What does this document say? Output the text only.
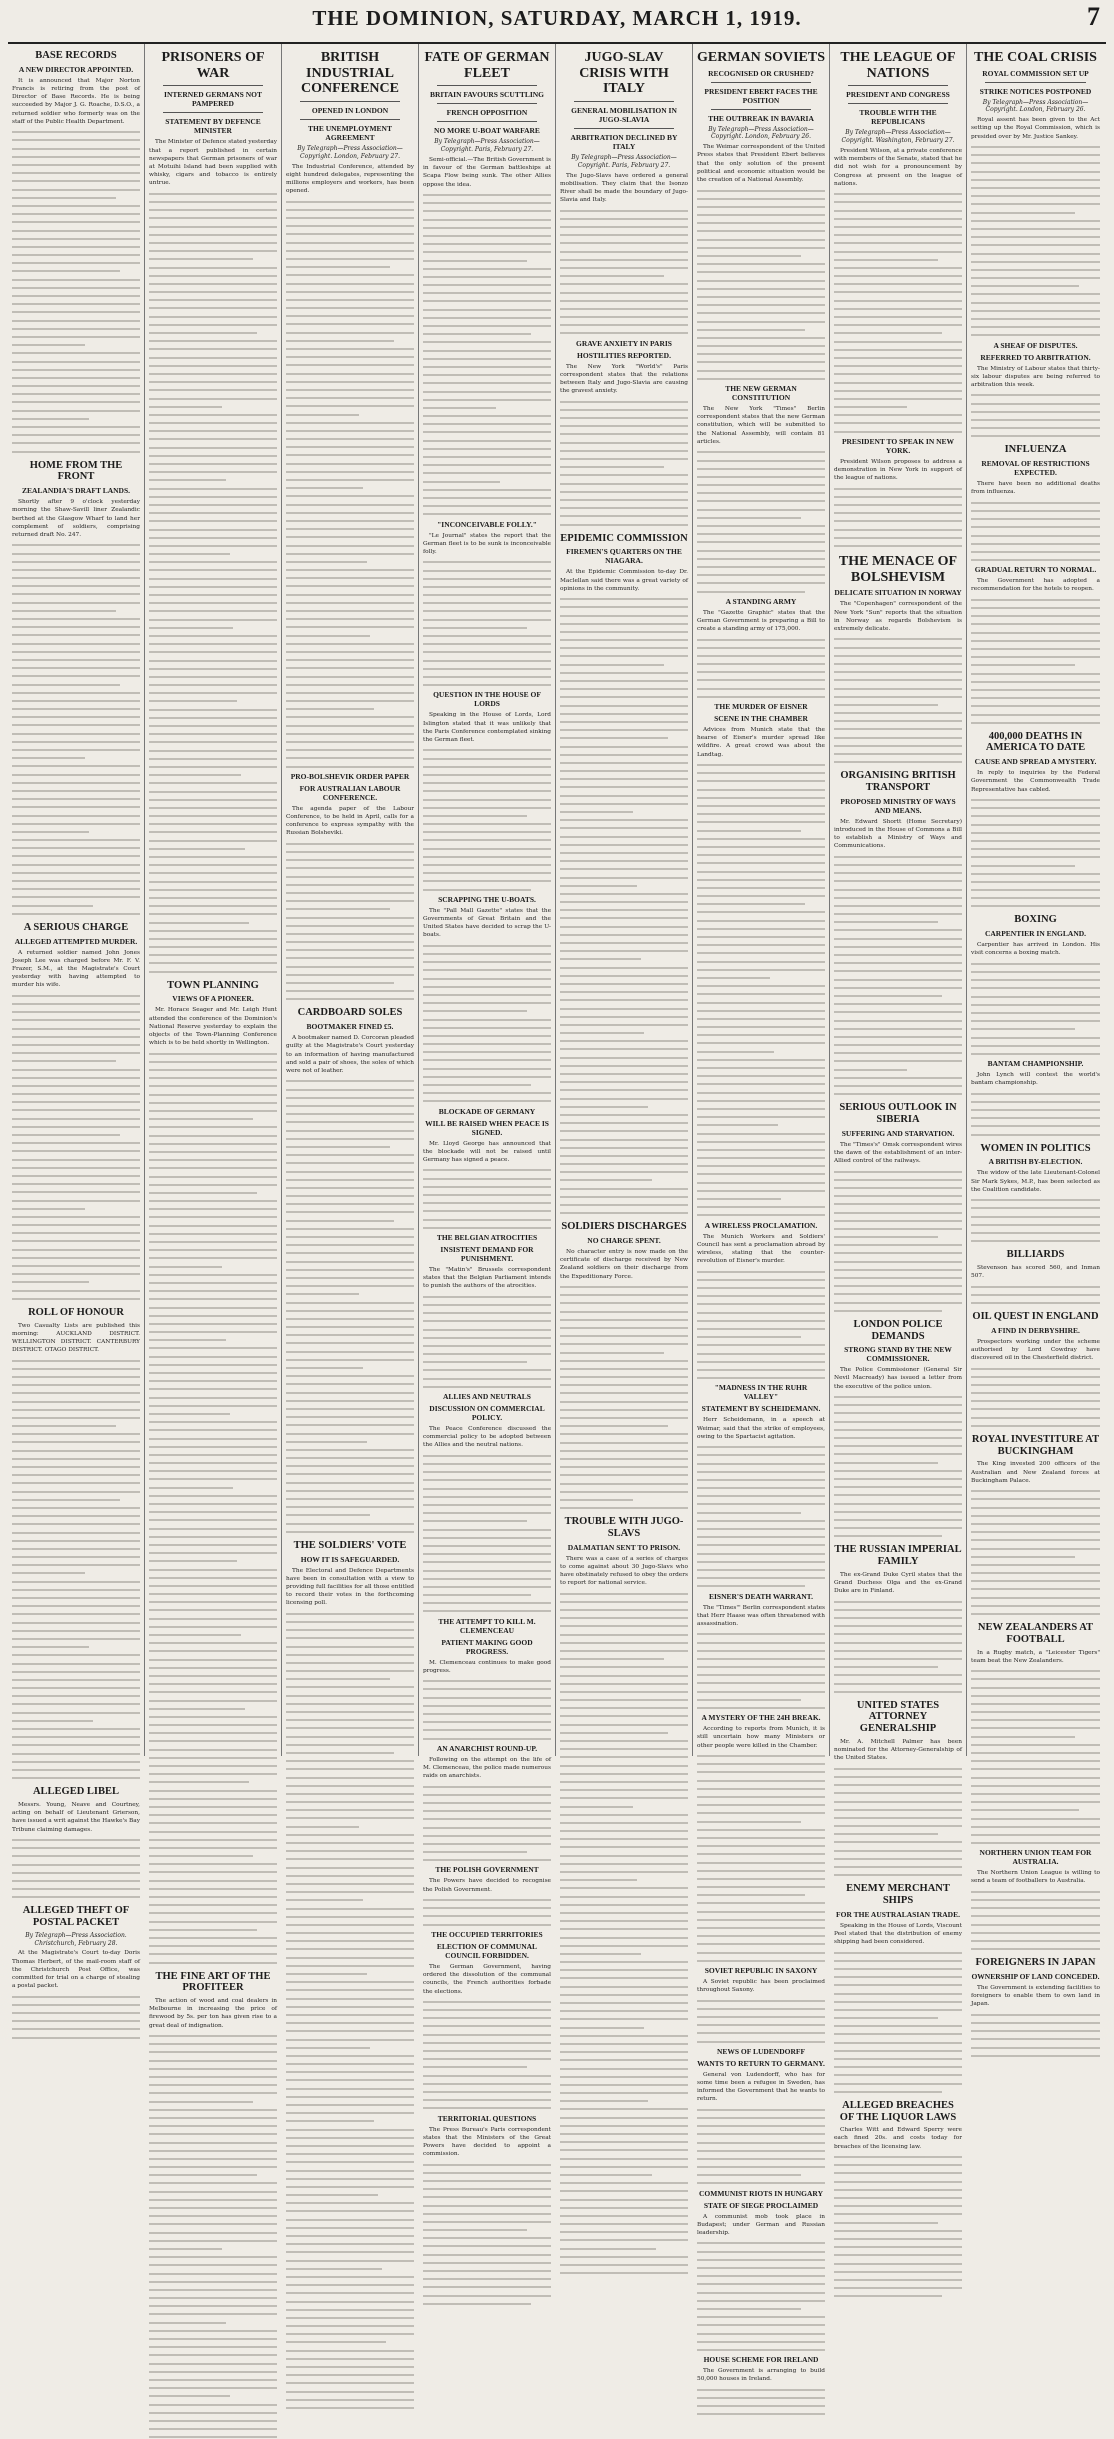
THE DOMINION, SATURDAY, MARCH 1, 1919.	7
BASE RECORDS
A NEW DIRECTOR APPOINTED.

It is announced that Major Norton Francis is retiring from the post of Director of Base Records. He is being succeeded by Major J. G. Roache, D.S.O., a returned soldier who formerly was on the staff of the Public Health Department.

HOME FROM THE FRONT
ZEALANDIA'S DRAFT LANDS.

Shortly after 9 o'clock yesterday morning the Shaw-Savill liner Zealandic berthed at the Glasgow Wharf to land her complement of soldiers, comprising returned draft No. 247.

A SERIOUS CHARGE
ALLEGED ATTEMPTED MURDER.

A returned soldier named John Jones Joseph Lee was charged before Mr. F. V. Frazer, S.M., at the Magistrate's Court yesterday with having attempted to murder his wife.

ROLL OF HONOUR

Two Casualty Lists are published this morning: AUCKLAND DISTRICT. WELLINGTON DISTRICT. CANTERBURY DISTRICT. OTAGO DISTRICT.

ALLEGED LIBEL

Messrs. Young, Neave and Courtney, acting on behalf of Lieutenant Grierson, have issued a writ against the Hawke's Bay Tribune claiming damages.

ALLEGED THEFT OF POSTAL PACKET
By Telegraph—Press Association. Christchurch, February 28.

At the Magistrate's Court to-day Doris Thomas Herbert, of the mail-room staff of the Christchurch Post Office, was committed for trial on a charge of stealing a postal packet.

PRISONERS OF WAR
INTERNED GERMANS NOT PAMPERED
STATEMENT BY DEFENCE MINISTER

The Minister of Defence stated yesterday that a report published in certain newspapers that German prisoners of war at Motuihi Island had been supplied with whisky, cigars and tobacco is entirely untrue.

TOWN PLANNING
VIEWS OF A PIONEER.

Mr. Horace Seager and Mr. Leigh Hunt attended the conference of the Dominion's National Reserve yesterday to explain the objects of the Town-Planning Conference which is to be held shortly in Wellington.

THE FINE ART OF THE PROFITEER

The action of wood and coal dealers in Melbourne in increasing the price of firewood by 5s. per ton has given rise to a great deal of indignation.

BRITISH INDUSTRIAL CONFERENCE
OPENED IN LONDON
THE UNEMPLOYMENT AGREEMENT
By Telegraph—Press Association—Copyright. London, February 27.

The Industrial Conference, attended by eight hundred delegates, representing the millions employers and workers, has been opened.

PRO-BOLSHEVIK ORDER PAPER
FOR AUSTRALIAN LABOUR CONFERENCE.

The agenda paper of the Labour Conference, to be held in April, calls for a conference to express sympathy with the Russian Bolsheviki.

CARDBOARD SOLES
BOOTMAKER FINED £5.

A bootmaker named D. Corcoran pleaded guilty at the Magistrate's Court yesterday to an information of having manufactured and sold a pair of shoes, the soles of which were not of leather.

THE SOLDIERS' VOTE
HOW IT IS SAFEGUARDED.

The Electoral and Defence Departments have been in consultation with a view to providing full facilities for all those entitled to record their votes in the forthcoming licensing poll.

FATE OF GERMAN FLEET
BRITAIN FAVOURS SCUTTLING
FRENCH OPPOSITION
NO MORE U-BOAT WARFARE
By Telegraph—Press Association—Copyright. Paris, February 27.

Semi-official.—The British Government is in favour of the German battleships at Scapa Flow being sunk. The other Allies oppose the idea.

"INCONCEIVABLE FOLLY."

"Le Journal" states the report that the German fleet is to be sunk is inconceivable folly.

QUESTION IN THE HOUSE OF LORDS

Speaking in the House of Lords, Lord Islington stated that it was unlikely that the Paris Conference contemplated sinking the German fleet.

SCRAPPING THE U-BOATS.

The "Pall Mall Gazette" states that the Governments of Great Britain and the United States have decided to scrap the U-boats.

BLOCKADE OF GERMANY
WILL BE RAISED WHEN PEACE IS SIGNED.

Mr. Lloyd George has announced that the blockade will not be raised until Germany has signed a peace.

THE BELGIAN ATROCITIES
INSISTENT DEMAND FOR PUNISHMENT.

The "Matin's" Brussels correspondent states that the Belgian Parliament intends to punish the authors of the atrocities.

ALLIES AND NEUTRALS
DISCUSSION ON COMMERCIAL POLICY.

The Peace Conference discussed the commercial policy to be adopted between the Allies and the neutral nations.

THE ATTEMPT TO KILL M. CLEMENCEAU
PATIENT MAKING GOOD PROGRESS.

M. Clemenceau continues to make good progress.

AN ANARCHIST ROUND-UP.

Following on the attempt on the life of M. Clemenceau, the police made numerous raids on anarchists.

THE POLISH GOVERNMENT

The Powers have decided to recognise the Polish Government.

THE OCCUPIED TERRITORIES
ELECTION OF COMMUNAL COUNCIL FORBIDDEN.

The German Government, having ordered the dissolution of the communal councils, the French authorities forbade the elections.

TERRITORIAL QUESTIONS

The Press Bureau's Paris correspondent states that the Ministers of the Great Powers have decided to appoint a commission.

JUGO-SLAV CRISIS WITH ITALY
GENERAL MOBILISATION IN JUGO-SLAVIA
ARBITRATION DECLINED BY ITALY
By Telegraph—Press Association—Copyright. Paris, February 27.

The Jugo-Slavs have ordered a general mobilisation. They claim that the Isonzo River shall be made the boundary of Jugo-Slavia and Italy.

GRAVE ANXIETY IN PARIS
HOSTILITIES REPORTED.

The New York "World's" Paris correspondent states that the relations between Italy and Jugo-Slavia are causing the gravest anxiety.

EPIDEMIC COMMISSION
FIREMEN'S QUARTERS ON THE NIAGARA.

At the Epidemic Commission to-day Dr. Maclellan said there was a great variety of opinions in the community.

SOLDIERS DISCHARGES
NO CHARGE SPENT.

No character entry is now made on the certificate of discharge received by New Zealand soldiers on their discharge from the Expeditionary Force.

TROUBLE WITH JUGO-SLAVS
DALMATIAN SENT TO PRISON.

There was a case of a series of charges to come against about 30 Jugo-Slavs who have obstinately refused to obey the orders to report for national service.

GERMAN SOVIETS
RECOGNISED OR CRUSHED?
PRESIDENT EBERT FACES THE POSITION
THE OUTBREAK IN BAVARIA
By Telegraph—Press Association—Copyright. London, February 26.

The Weimar correspondent of the United Press states that President Ebert believes that the only solution of the present political and economic situation would be the creation of a National Assembly.

THE NEW GERMAN CONSTITUTION

The New York "Times" Berlin correspondent states that the new German constitution, which will be submitted to the National Assembly, will contain 81 articles.

A STANDING ARMY

The "Gazette Graphic" states that the German Government is preparing a Bill to create a standing army of 175,000.

THE MURDER OF EISNER
SCENE IN THE CHAMBER

Advices from Munich state that the hearse of Eisner's murder spread like wildfire. A great crowd was about the Landtag.

A WIRELESS PROCLAMATION.

The Munich Workers and Soldiers' Council has sent a proclamation abroad by wireless, stating that the counter-revolution of Eisner's murder.

"MADNESS IN THE RUHR VALLEY"
STATEMENT BY SCHEIDEMANN.

Herr Scheidemann, in a speech at Weimar, said that the strike of employees, owing to the Spartacist agitation.

EISNER'S DEATH WARRANT.

The "Times'" Berlin correspondent states that Herr Haase was often threatened with assassination.

A MYSTERY OF THE 24H BREAK.

According to reports from Munich, it is still uncertain how many Ministers or other people were killed in the Chamber.

SOVIET REPUBLIC IN SAXONY

A Soviet republic has been proclaimed throughout Saxony.

NEWS OF LUDENDORFF
WANTS TO RETURN TO GERMANY.

General von Ludendorff, who has for some time been a refugee in Sweden, has informed the Government that he wants to return.

COMMUNIST RIOTS IN HUNGARY
STATE OF SIEGE PROCLAIMED

A communist mob took place in Budapest; under German and Russian leadership.

HOUSE SCHEME FOR IRELAND

The Government is arranging to build 50,000 houses in Ireland.

THE LEAGUE OF NATIONS
PRESIDENT AND CONGRESS
TROUBLE WITH THE REPUBLICANS
By Telegraph—Press Association—Copyright. Washington, February 27.

President Wilson, at a private conference with members of the Senate, stated that he did not wish for a pronouncement by Congress at present on the league of nations.

PRESIDENT TO SPEAK IN NEW YORK.

President Wilson proposes to address a demonstration in New York in support of the league of nations.

THE MENACE OF BOLSHEVISM
DELICATE SITUATION IN NORWAY

The "Copenhagen" correspondent of the New York "Sun" reports that the situation in Norway as regards Bolshevism is extremely delicate.

ORGANISING BRITISH TRANSPORT
PROPOSED MINISTRY OF WAYS AND MEANS.

Mr. Edward Shortt (Home Secretary) introduced in the House of Commons a Bill to establish a Ministry of Ways and Communications.

SERIOUS OUTLOOK IN SIBERIA
SUFFERING AND STARVATION.

The "Times's" Omsk correspondent wires the dawn of the establishment of an inter-Allied control of the railways.

LONDON POLICE DEMANDS
STRONG STAND BY THE NEW COMMISSIONER.

The Police Commissioner (General Sir Nevil Macready) has issued a letter from the executive of the police union.

THE RUSSIAN IMPERIAL FAMILY

The ex-Grand Duke Cyril states that the Grand Duchess Olga and the ex-Grand Duke are in Finland.

UNITED STATES ATTORNEY GENERALSHIP

Mr. A. Mitchell Palmer has been nominated for the Attorney-Generalship of the United States.

ENEMY MERCHANT SHIPS
FOR THE AUSTRALASIAN TRADE.

Speaking in the House of Lords, Viscount Peel stated that the distribution of enemy shipping had been considered.

ALLEGED BREACHES OF THE LIQUOR LAWS

Charles Witt and Edward Sperry were each fined 20s. and costs today for breaches of the licensing law.

THE COAL CRISIS
ROYAL COMMISSION SET UP
STRIKE NOTICES POSTPONED
By Telegraph—Press Association—Copyright. London, February 26.

Royal assent has been given to the Act setting up the Royal Commission, which is presided over by Mr. Justice Sankey.

A SHEAF OF DISPUTES.
REFERRED TO ARBITRATION.

The Ministry of Labour states that thirty-six labour disputes are being referred to arbitration this week.

INFLUENZA
REMOVAL OF RESTRICTIONS EXPECTED.

There have been no additional deaths from influenza.

GRADUAL RETURN TO NORMAL.

The Government has adopted a recommendation for the hotels to reopen.

400,000 DEATHS IN AMERICA TO DATE
CAUSE AND SPREAD A MYSTERY.

In reply to inquiries by the Federal Government the Commonwealth Trade Representative has cabled.

BOXING
CARPENTIER IN ENGLAND.

Carpentier has arrived in London. His visit concerns a boxing match.

BANTAM CHAMPIONSHIP.

John Lynch will contest the world's bantam championship.

WOMEN IN POLITICS
A BRITISH BY-ELECTION.

The widow of the late Lieutenant-Colonel Sir Mark Sykes, M.P., has been selected as the Coalition candidate.

BILLIARDS

Stevenson has scored 560, and Inman 507.

OIL QUEST IN ENGLAND
A FIND IN DERBYSHIRE.

Prospectors working under the scheme authorised by Lord Cowdray have discovered oil in the Chesterfield district.

ROYAL INVESTITURE AT BUCKINGHAM

The King invested 200 officers of the Australian and New Zealand forces at Buckingham Palace.

NEW ZEALANDERS AT FOOTBALL

In a Rugby match, a "Leicester Tigers" team beat the New Zealanders.

NORTHERN UNION TEAM FOR AUSTRALIA.

The Northern Union League is willing to send a team of footballers to Australia.

FOREIGNERS IN JAPAN
OWNERSHIP OF LAND CONCEDED.

The Government is extending facilities to foreigners to enable them to own land in Japan.
